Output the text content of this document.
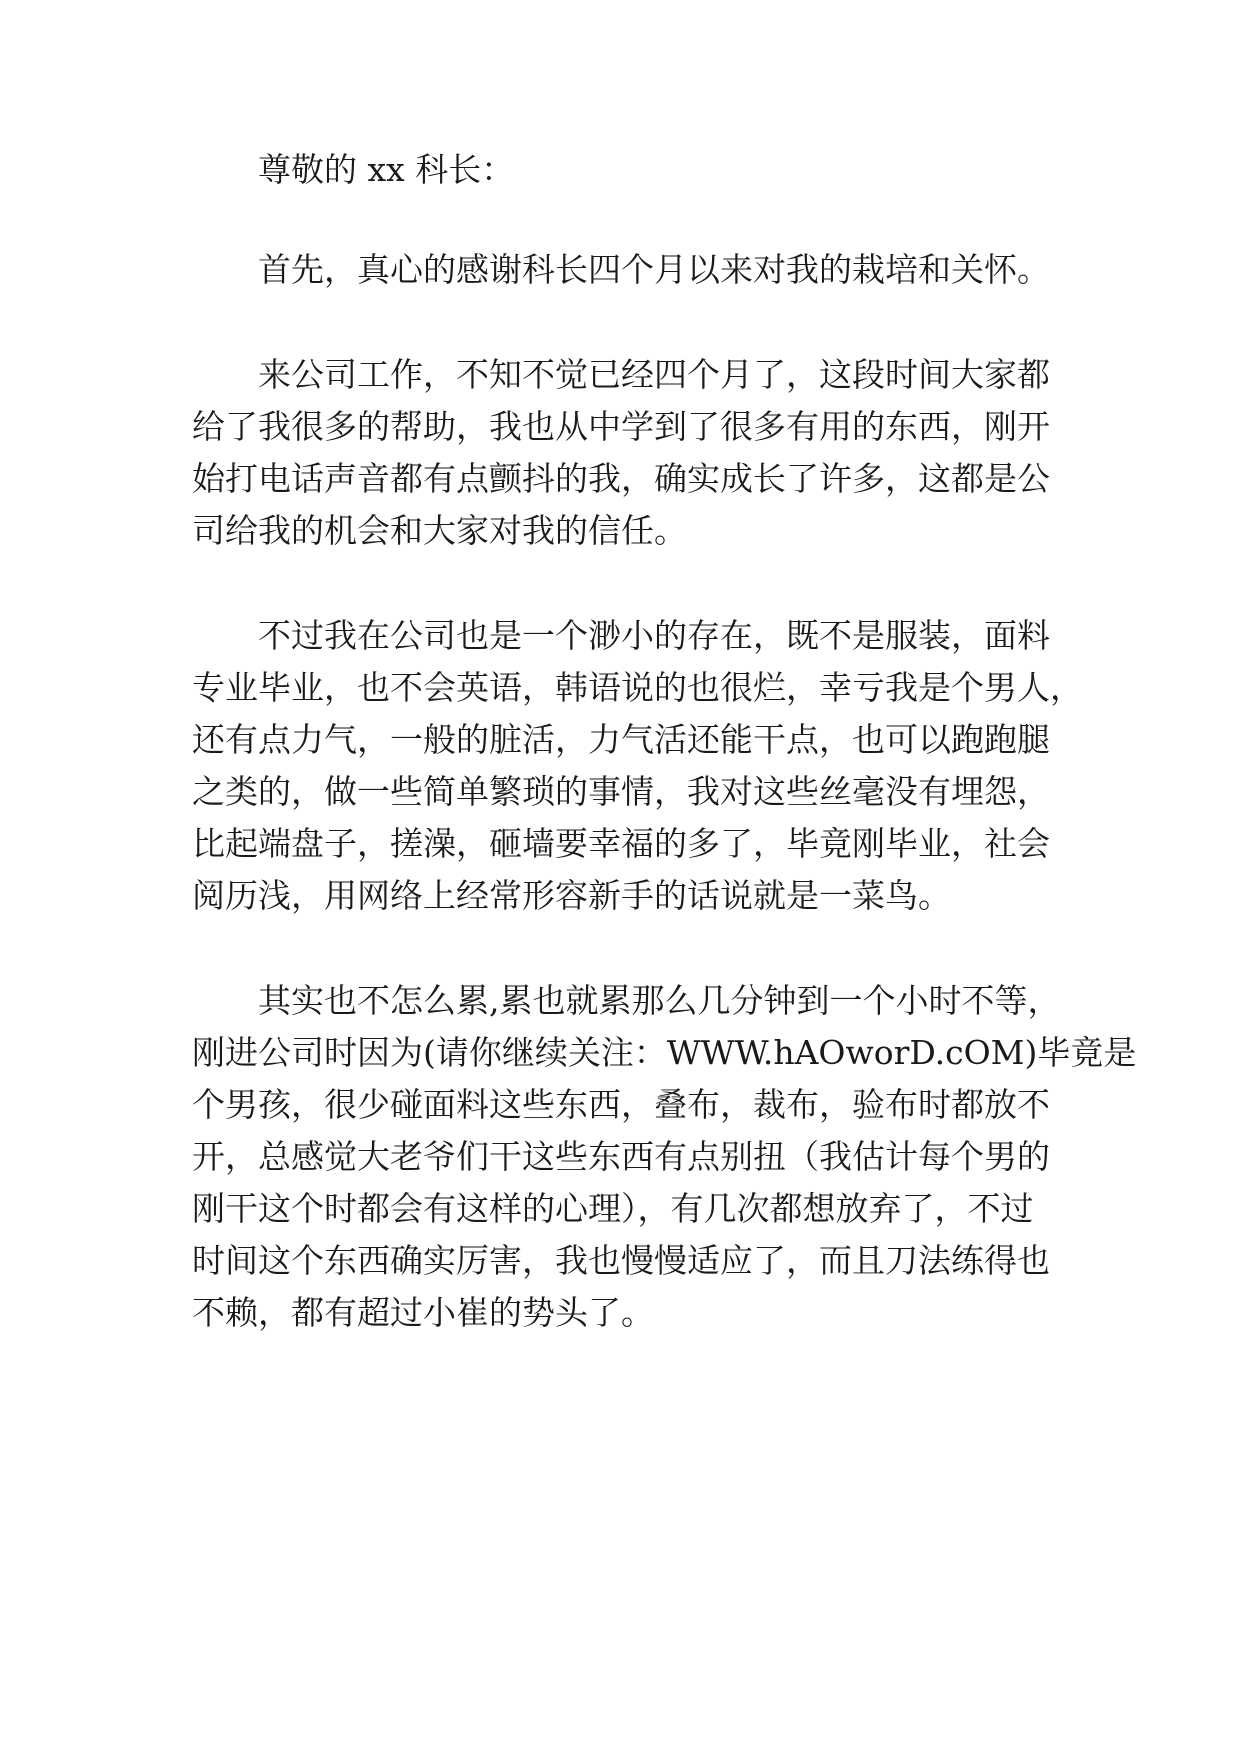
尊敬的 xx 科长：

首先，真心的感谢科长四个月以来对我的栽培和关怀。

来公司工作，不知不觉已经四个月了，这段时间大家都

给了我很多的帮助，我也从中学到了很多有用的东西，刚开

始打电话声音都有点颤抖的我，确实成长了许多，这都是公

司给我的机会和大家对我的信任。

不过我在公司也是一个渺小的存在，既不是服装，面料

专业毕业，也不会英语，韩语说的也很烂，幸亏我是个男人，

还有点力气，一般的脏活，力气活还能干点，也可以跑跑腿

之类的，做一些简单繁琐的事情，我对这些丝毫没有埋怨，

比起端盘子，搓澡，砸墙要幸福的多了，毕竟刚毕业，社会

阅历浅，用网络上经常形容新手的话说就是一菜鸟。

其实也不怎么累,累也就累那么几分钟到一个小时不等，

刚进公司时因为(请你继续关注：WWW.hAOworD.cOM)毕竟是

个男孩，很少碰面料这些东西，叠布，裁布，验布时都放不

开，总感觉大老爷们干这些东西有点别扭（我估计每个男的

刚干这个时都会有这样的心理），有几次都想放弃了，不过

时间这个东西确实厉害，我也慢慢适应了，而且刀法练得也

不赖，都有超过小崔的势头了。
